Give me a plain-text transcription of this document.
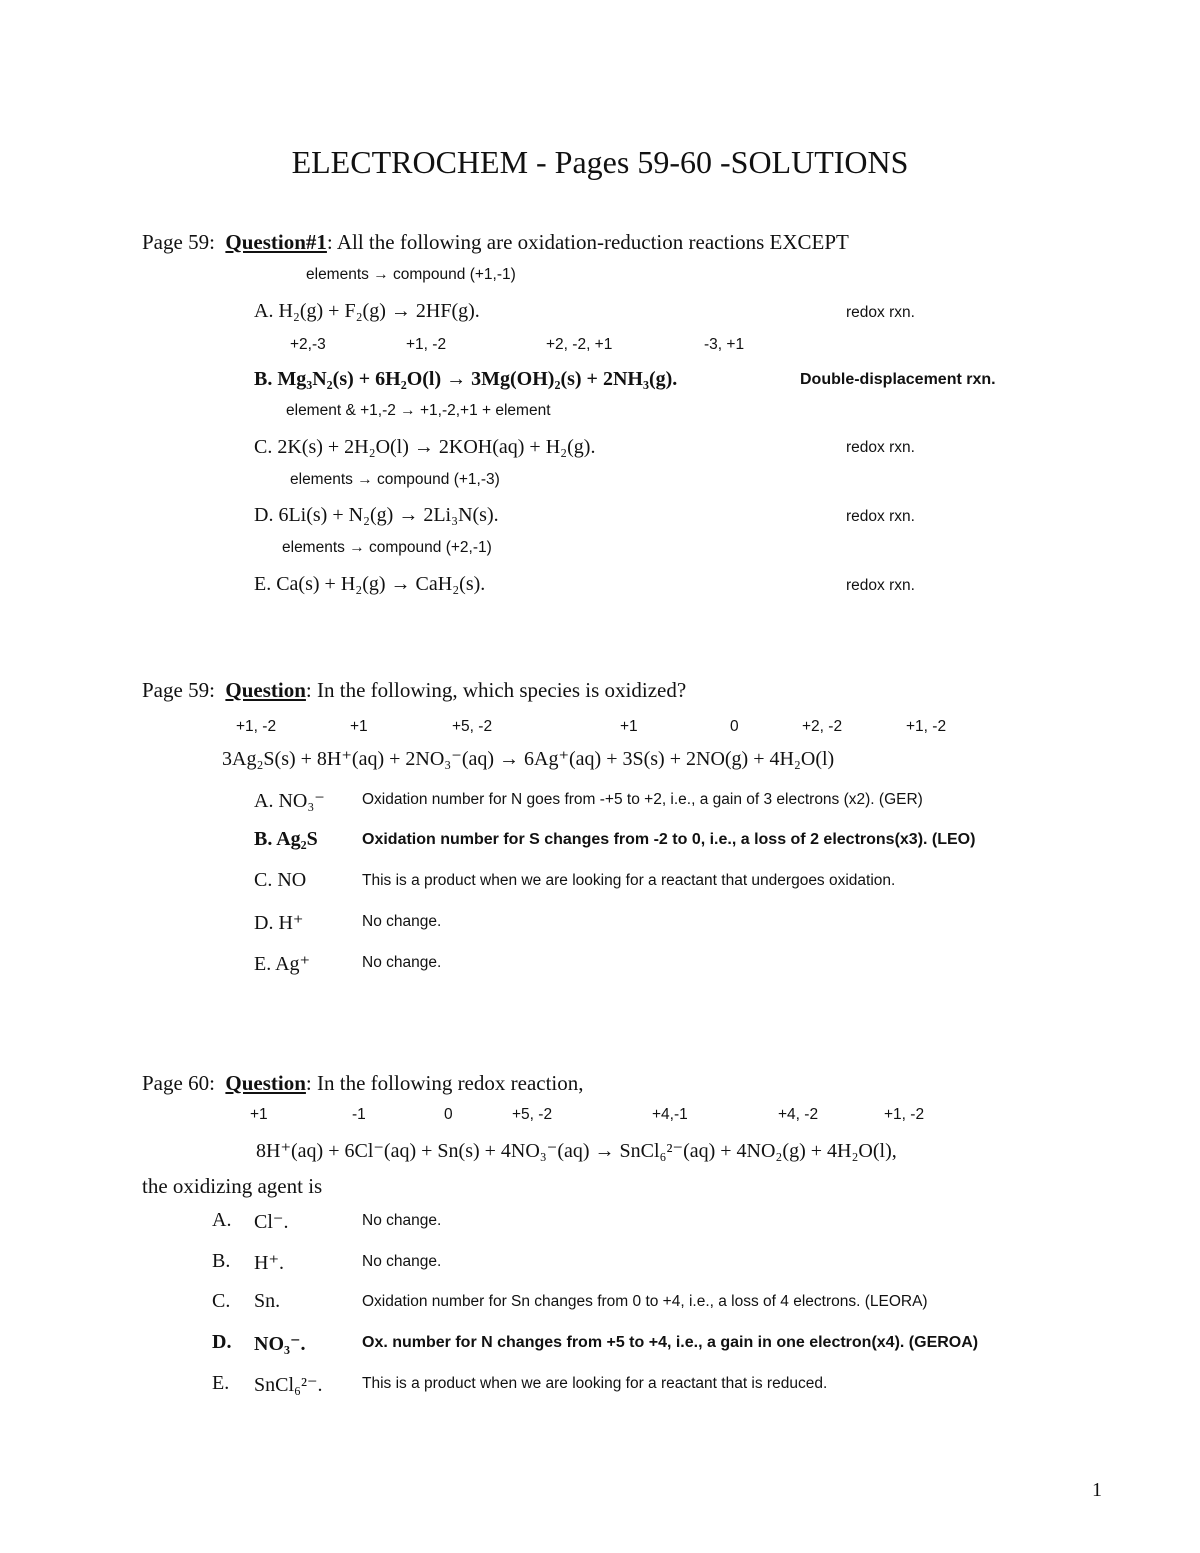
ELECTROCHEM - Pages 59-60 -SOLUTIONS
Page 59: Question#1: All the following are oxidation-reduction reactions EXCEPT
elements → compound (+1,-1)
A. H₂(g) + F₂(g) → 2HF(g).	redox rxn.
+2,-3	+1, -2	+2, -2, +1	-3, +1
B. Mg₃N₂(s) + 6H₂O(l) → 3Mg(OH)₂(s) + 2NH₃(g).	Double-displacement rxn.
element & +1,-2 → +1,-2,+1 + element
C. 2K(s) + 2H₂O(l) → 2KOH(aq) + H₂(g).	redox rxn.
elements → compound (+1,-3)
D. 6Li(s) + N₂(g) → 2Li₃N(s).	redox rxn.
elements → compound (+2,-1)
E. Ca(s) + H₂(g) → CaH₂(s).	redox rxn.
Page 59: Question: In the following, which species is oxidized?
+1, -2	+1	+5, -2	+1	0	+2, -2	+1, -2
3Ag₂S(s) + 8H⁺(aq) + 2NO₃⁻(aq) → 6Ag⁺(aq) + 3S(s) + 2NO(g) + 4H₂O(l)
A. NO₃⁻ Oxidation number for N goes from -+5 to +2, i.e., a gain of 3 electrons (x2). (GER)
B. Ag₂S	Oxidation number for S changes from -2 to 0, i.e., a loss of 2 electrons(x3). (LEO)
C. NO	This is a product when we are looking for a reactant that undergoes oxidation.
D. H⁺	No change.
E. Ag⁺	No change.
Page 60: Question: In the following redox reaction,
+1	-1	0	+5, -2	+4,-1	+4, -2	+1, -2
8H⁺(aq) + 6Cl⁻(aq) + Sn(s) + 4NO₃⁻(aq) → SnCl₆²⁻(aq) + 4NO₂(g) + 4H₂O(l),
the oxidizing agent is
A. Cl⁻.	No change.
B. H⁺.	No change.
C. Sn.	Oxidation number for Sn changes from 0 to +4, i.e., a loss of 4 electrons. (LEORA)
D. NO₃⁻.	Ox. number for N changes from +5 to +4, i.e., a gain in one electron(x4). (GEROA)
E. SnCl₆²⁻.	This is a product when we are looking for a reactant that is reduced.
1
